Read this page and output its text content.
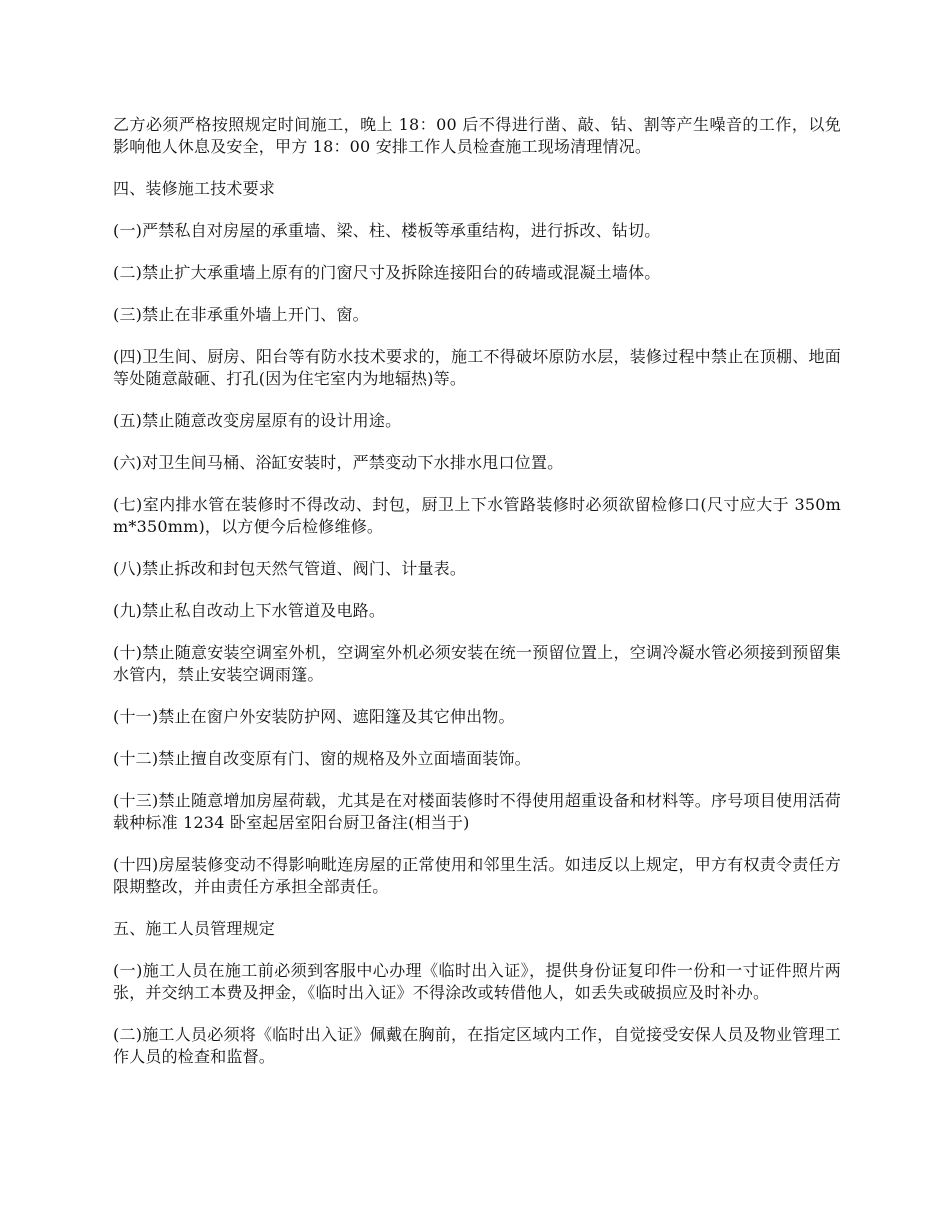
乙方必须严格按照规定时间施工，晚上 18：00 后不得进行凿、敲、钻、割等产生噪音的工作，以免影响他人休息及安全，甲方 18：00 安排工作人员检查施工现场清理情况。

四、装修施工技术要求

(一)严禁私自对房屋的承重墙、梁、柱、楼板等承重结构，进行拆改、钻切。

(二)禁止扩大承重墙上原有的门窗尺寸及拆除连接阳台的砖墙或混凝土墙体。

(三)禁止在非承重外墙上开门、窗。

(四)卫生间、厨房、阳台等有防水技术要求的，施工不得破坏原防水层，装修过程中禁止在顶棚、地面等处随意敲砸、打孔(因为住宅室内为地辐热)等。

(五)禁止随意改变房屋原有的设计用途。

(六)对卫生间马桶、浴缸安装时，严禁变动下水排水甩口位置。

(七)室内排水管在装修时不得改动、封包，厨卫上下水管路装修时必须欲留检修口(尺寸应大于 350mm*350mm)，以方便今后检修维修。

(八)禁止拆改和封包天然气管道、阀门、计量表。

(九)禁止私自改动上下水管道及电路。

(十)禁止随意安装空调室外机，空调室外机必须安装在统一预留位置上，空调冷凝水管必须接到预留集水管内，禁止安装空调雨篷。

(十一)禁止在窗户外安装防护网、遮阳篷及其它伸出物。

(十二)禁止擅自改变原有门、窗的规格及外立面墙面装饰。

(十三)禁止随意增加房屋荷载，尤其是在对楼面装修时不得使用超重设备和材料等。序号项目使用活荷载种标准 1234 卧室起居室阳台厨卫备注(相当于)

(十四)房屋装修变动不得影响毗连房屋的正常使用和邻里生活。如违反以上规定，甲方有权责令责任方限期整改，并由责任方承担全部责任。

五、施工人员管理规定

(一)施工人员在施工前必须到客服中心办理《临时出入证》，提供身份证复印件一份和一寸证件照片两张，并交纳工本费及押金，《临时出入证》不得涂改或转借他人，如丢失或破损应及时补办。

(二)施工人员必须将《临时出入证》佩戴在胸前，在指定区域内工作，自觉接受安保人员及物业管理工作人员的检查和监督。
